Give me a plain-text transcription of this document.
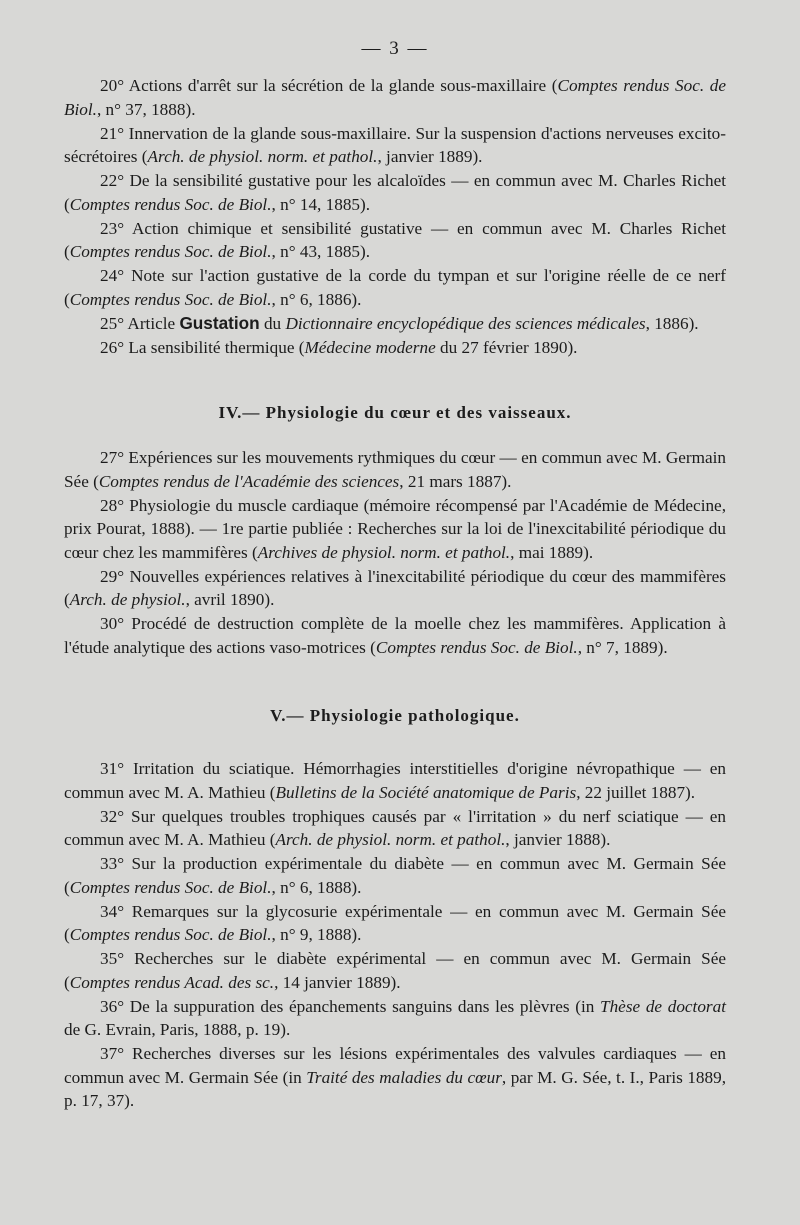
— 3 —

20° Actions d'arrêt sur la sécrétion de la glande sous-maxillaire (Comptes rendus Soc. de Biol., n° 37, 1888).

21° Innervation de la glande sous-maxillaire. Sur la suspension d'actions nerveuses excito-sécrétoires (Arch. de physiol. norm. et pathol., janvier 1889).

22° De la sensibilité gustative pour les alcaloïdes — en commun avec M. Charles Richet (Comptes rendus Soc. de Biol., n° 14, 1885).

23° Action chimique et sensibilité gustative — en commun avec M. Charles Richet (Comptes rendus Soc. de Biol., n° 43, 1885).

24° Note sur l'action gustative de la corde du tympan et sur l'origine réelle de ce nerf (Comptes rendus Soc. de Biol., n° 6, 1886).

25° Article Gustation du Dictionnaire encyclopédique des sciences médicales, 1886).

26° La sensibilité thermique (Médecine moderne du 27 février 1890).

IV.— Physiologie du cœur et des vaisseaux.

27° Expériences sur les mouvements rythmiques du cœur — en commun avec M. Germain Sée (Comptes rendus de l'Académie des sciences, 21 mars 1887).

28° Physiologie du muscle cardiaque (mémoire récompensé par l'Académie de Médecine, prix Pourat, 1888). — 1re partie publiée : Recherches sur la loi de l'inexcitabilité périodique du cœur chez les mammifères (Archives de physiol. norm. et pathol., mai 1889).

29° Nouvelles expériences relatives à l'inexcitabilité périodique du cœur des mammifères (Arch. de physiol., avril 1890).

30° Procédé de destruction complète de la moelle chez les mammifères. Application à l'étude analytique des actions vaso-motrices (Comptes rendus Soc. de Biol., n° 7, 1889).

V.— Physiologie pathologique.

31° Irritation du sciatique. Hémorrhagies interstitielles d'origine névropathique — en commun avec M. A. Mathieu (Bulletins de la Société anatomique de Paris, 22 juillet 1887).

32° Sur quelques troubles trophiques causés par « l'irritation » du nerf sciatique — en commun avec M. A. Mathieu (Arch. de physiol. norm. et pathol., janvier 1888).

33° Sur la production expérimentale du diabète — en commun avec M. Germain Sée (Comptes rendus Soc. de Biol., n° 6, 1888).

34° Remarques sur la glycosurie expérimentale — en commun avec M. Germain Sée (Comptes rendus Soc. de Biol., n° 9, 1888).

35° Recherches sur le diabète expérimental — en commun avec M. Germain Sée (Comptes rendus Acad. des sc., 14 janvier 1889).

36° De la suppuration des épanchements sanguins dans les plèvres (in Thèse de doctorat de G. Evrain, Paris, 1888, p. 19).

37° Recherches diverses sur les lésions expérimentales des valvules cardiaques — en commun avec M. Germain Sée (in Traité des maladies du cœur, par M. G. Sée, t. I., Paris 1889, p. 17, 37).
